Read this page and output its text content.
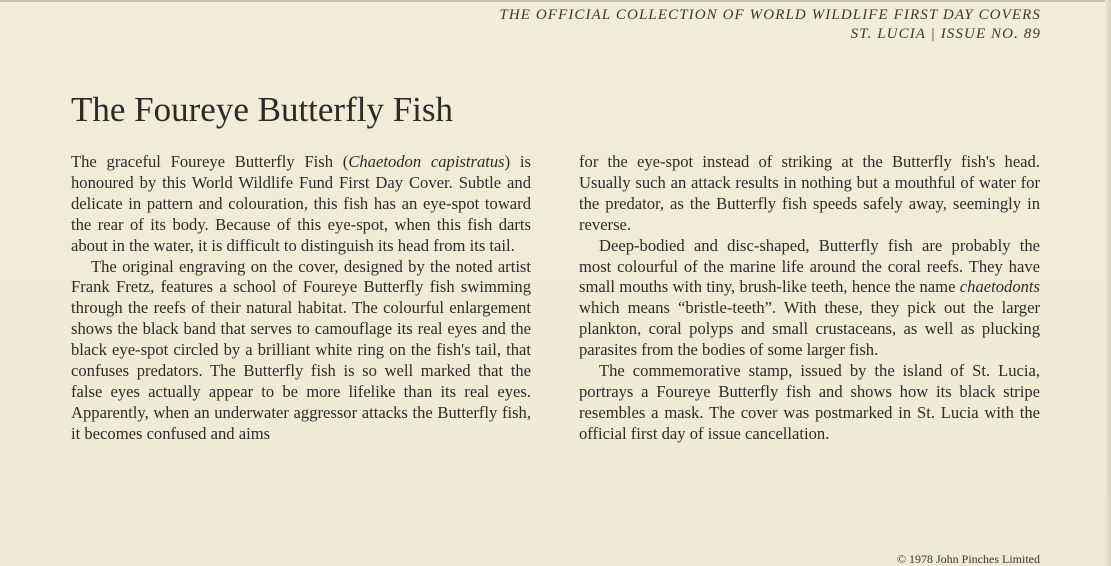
THE OFFICIAL COLLECTION OF WORLD WILDLIFE FIRST DAY COVERS
ST. LUCIA | ISSUE NO. 89
The Foureye Butterfly Fish

The graceful Foureye Butterfly Fish (Chaetodon capistratus) is honoured by this World Wildlife Fund First Day Cover. Subtle and delicate in pattern and colouration, this fish has an eye-spot toward the rear of its body. Because of this eye-spot, when this fish darts about in the water, it is difficult to distinguish its head from its tail.

The original engraving on the cover, designed by the noted artist Frank Fretz, features a school of Foureye Butterfly fish swimming through the reefs of their natural habitat. The colourful enlargement shows the black band that serves to camouflage its real eyes and the black eye-spot circled by a brilliant white ring on the fish's tail, that confuses predators. The Butterfly fish is so well marked that the false eyes actually appear to be more lifelike than its real eyes. Apparently, when an underwater aggressor attacks the Butterfly fish, it becomes confused and aims

for the eye-spot instead of striking at the Butterfly fish's head. Usually such an attack results in nothing but a mouthful of water for the predator, as the Butterfly fish speeds safely away, seemingly in reverse.

Deep-bodied and disc-shaped, Butterfly fish are probably the most colourful of the marine life around the coral reefs. They have small mouths with tiny, brush-like teeth, hence the name chaetodonts which means “bristle-teeth”. With these, they pick out the larger plankton, coral polyps and small crustaceans, as well as plucking parasites from the bodies of some larger fish.

The commemorative stamp, issued by the island of St. Lucia, portrays a Foureye Butterfly fish and shows how its black stripe resembles a mask. The cover was postmarked in St. Lucia with the official first day of issue cancellation.

© 1978 John Pinches Limited
